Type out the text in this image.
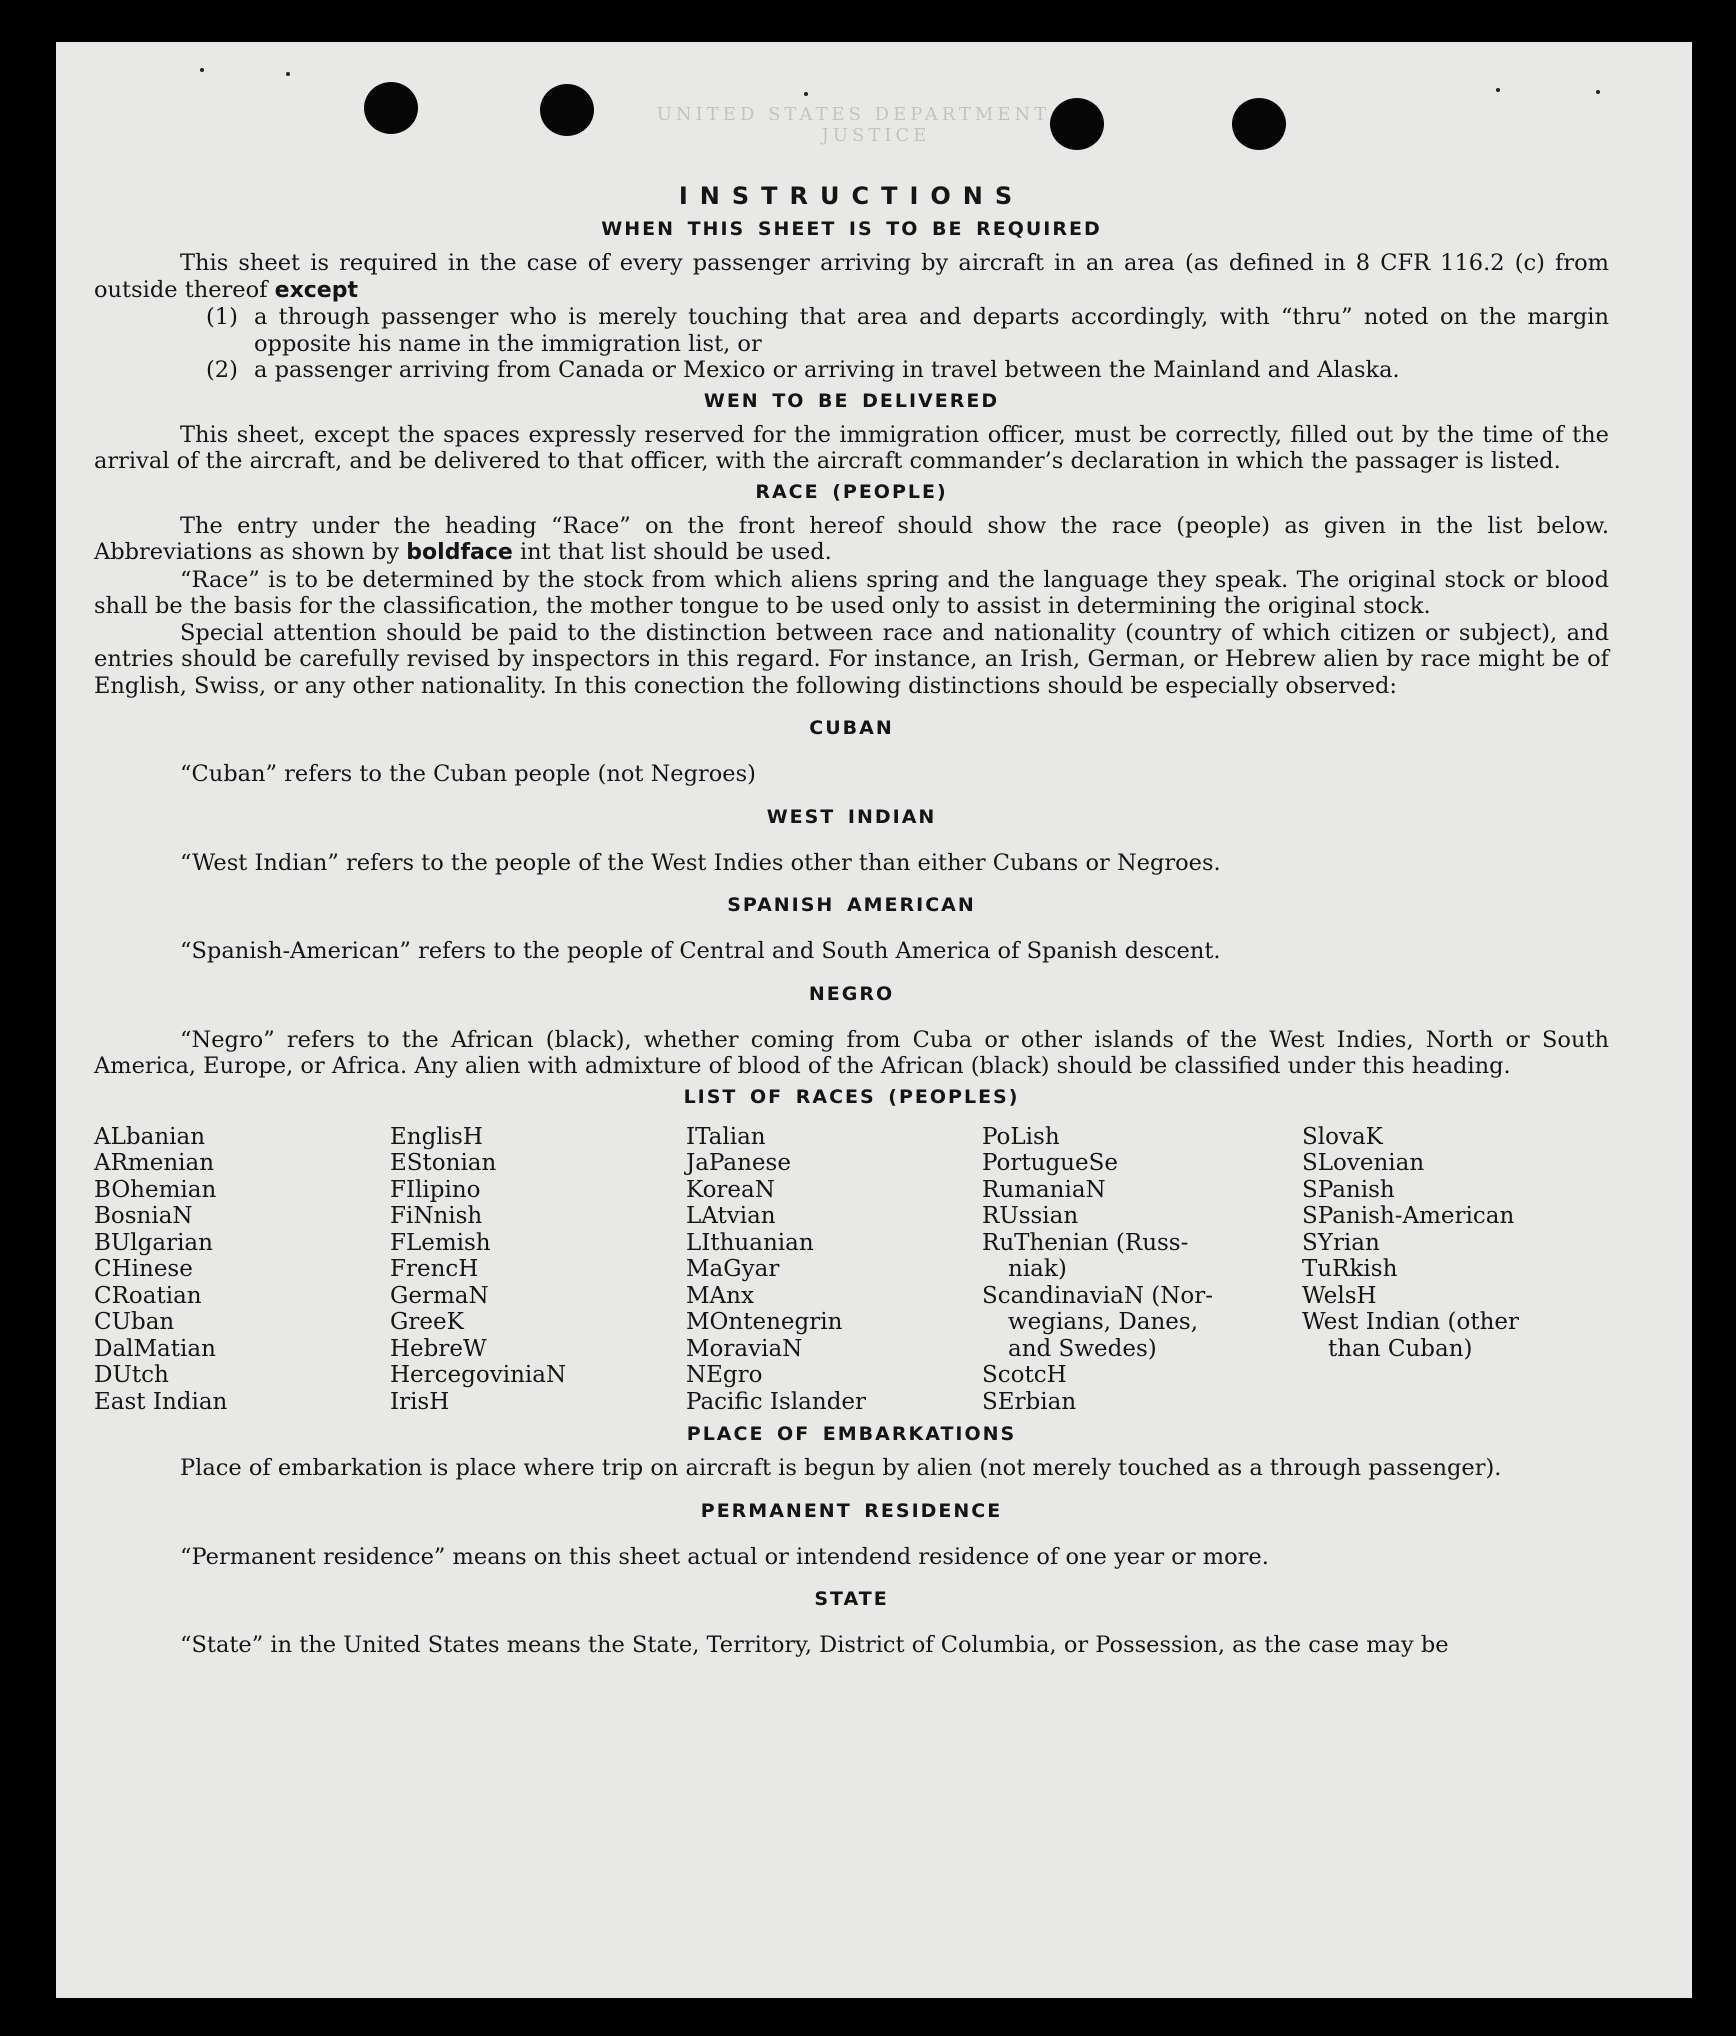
UNITED STATES DEPARTMENT OF JUSTICE
INSTRUCTIONS
WHEN THIS SHEET IS TO BE REQUIRED

This sheet is required in the case of every passenger arriving by aircraft in an area (as defined in 8 CFR 116.2 (c) from outside thereof except

(1) a through passenger who is merely touching that area and departs accordingly, with “thru” noted on the margin opposite his name in the immigration list, or
(2) a passenger arriving from Canada or Mexico or arriving in travel between the Mainland and Alaska.
WEN TO BE DELIVERED

This sheet, except the spaces expressly reserved for the immigration officer, must be correctly, filled out by the time of the arrival of the aircraft, and be delivered to that officer, with the aircraft commander’s declaration in which the passager is listed.

RACE (PEOPLE)

The entry under the heading “Race” on the front hereof should show the race (people) as given in the list below. Abbreviations as shown by boldface int that list should be used.

“Race” is to be determined by the stock from which aliens spring and the language they speak. The original stock or blood shall be the basis for the classification, the mother tongue to be used only to assist in determining the original stock.

Special attention should be paid to the distinction between race and nationality (country of which citizen or subject), and entries should be carefully revised by inspectors in this regard. For instance, an Irish, German, or Hebrew alien by race might be of English, Swiss, or any other nationality. In this conection the following distinctions should be especially observed:

CUBAN

“Cuban” refers to the Cuban people (not Negroes)

WEST INDIAN

“West Indian” refers to the people of the West Indies other than either Cubans or Negroes.

SPANISH AMERICAN

“Spanish-American” refers to the people of Central and South America of Spanish descent.

NEGRO

“Negro” refers to the African (black), whether coming from Cuba or other islands of the West Indies, North or South America, Europe, or Africa. Any alien with admixture of blood of the African (black) should be classified under this heading.

LIST OF RACES (PEOPLES)
ALbanian
ARmenian
BOhemian
BosniaN
BUlgarian
CHinese
CRoatian
CUban
DalMatian
DUtch
East Indian
EnglisH
EStonian
FIlipino
FiNnish
FLemish
FrencH
GermaN
GreeK
HebreW
HercegoviniaN
IrisH
ITalian
JaPanese
KoreaN
LAtvian
LIthuanian
MaGyar
MAnx
MOntenegrin
MoraviaN
NEgro
Pacific Islander
PoLish
PortugueSe
RumaniaN
RUssian
RuThenian (Russ-
niak)
ScandinaviaN (Nor-
wegians, Danes,
and Swedes)
ScotcH
SErbian
SlovaK
SLovenian
SPanish
SPanish-American
SYrian
TuRkish
WelsH
West Indian (other
than Cuban)
PLACE OF EMBARKATIONS

Place of embarkation is place where trip on aircraft is begun by alien (not merely touched as a through passenger).

PERMANENT RESIDENCE

“Permanent residence” means on this sheet actual or intendend residence of one year or more.

STATE

“State” in the United States means the State, Territory, District of Columbia, or Possession, as the case may be
